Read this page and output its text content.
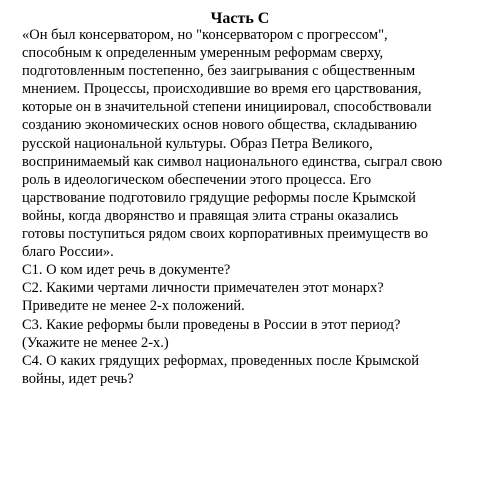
Часть С
«Он был консерватором, но "консерватором с прогрессом",
способным к определенным умеренным реформам сверху,
подготовленным постепенно, без заигрывания с общественным
мнением. Процессы, происходившие во время его царствования,
которые он в значительной степени инициировал, способствовали
созданию экономических основ нового общества, складыванию
русской национальной культуры. Образ Петра Великого,
воспринимаемый как символ национального единства, сыграл свою
роль в идеологическом обеспечении этого процесса. Его
царствование подготовило грядущие реформы после Крымской
войны, когда дворянство и правящая элита страны оказались
готовы поступиться рядом своих корпоративных преимуществ во
благо России».
С1. О ком идет речь в документе?
С2. Какими чертами личности примечателен этот монарх?
Приведите не менее 2-х положений.
С3. Какие реформы были проведены в России в этот период?
(Укажите не менее 2-х.)
С4. О каких грядущих реформах, проведенных после Крымской
войны, идет речь?
